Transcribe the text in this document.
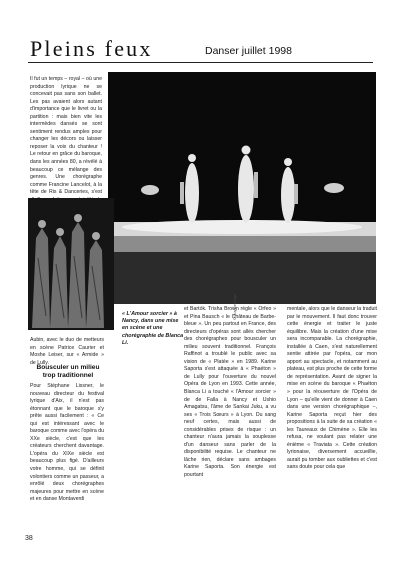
Pleins feux	Danser juillet 1998

Il fut un temps – royal – où une production lyrique ne se concevait pas sans son ballet. Les pas avaient alors autant d'importance que le livret ou la partition : mais bien vite les intermèdes dansés se sont sentiment rendus amples pour changer les décors ou laisser reposer la voix du chanteur ! Le retour en grâce du baroque, dans les années 80, a révélé à beaucoup ce mélange des genres. Une chorégraphe comme Francine Lancelot, à la tête de Ris & Danceries, s'est

© Guy Delahaye

Aubin, avec le duo de metteurs en scène Patrice Caurier et Moshe Leiser, sur « Armide » de Lully.

« L'Amour sorcier » à Nancy, dans une mise en scène et une chorégraphie de Blanca Li.
Bousculer un milieu trop traditionnel

Pour Stéphane Lissner, le nouveau directeur du festival lyrique d'Aix, il n'est pas étonnant que le baroque s'y prête aussi facilement : « Ce qui est intéressant avec le baroque comme avec l'opéra du XXe siècle, c'est que les créateurs cherchent davantage. L'opéra du XIXe siècle est beaucoup plus figé. D'ailleurs votre homme, qui se définit volontiers comme un passeur, a enrôlé deux chorégraphes majeures pour mettre en scène et en danse Montaverdi

et Bartók. Trisha Brown règle « Orfeo » et Pina Bausch « le Château de Barbe-bleue ». Un peu partout en France, des directeurs d'opéras sont allés chercher des chorégraphes pour bousculer un milieu souvent traditionnel. François Raffinot a troublé le public avec sa vision de « Platée » en 1989. Karine Saporta s'est attaquée à « Phaéton » de Lully pour l'ouverture du nouvel Opéra de Lyon en 1993. Cette année, Blanca Li a touché « l'Amour sorcier » de de Falla à Nancy et Ushio Amagatsu, l'âme de Sankai Juku, a vu ses « Trois Sœurs » à Lyon. Du sang neuf certes, mais aussi de considérables prises de risque : un chanteur n'aura jamais la souplesse d'un danseur sans parler de la disponibilité requise. Le chanteur ne lâche rien, déclare sans ambages Karine Saporta. Son énergie est pourtant

mentale, alors que le danseur la traduit par le mouvement. Il faut donc trouver cette énergie et traiter le juste équilibre. Mais la création d'une mise sera incomparable. La chorégraphie, installée à Caen, s'est naturellement sentie attirée par l'opéra, car mon apport au spectacle, et notamment au plateau, est plus proche de cette forme de représentation. Avant de signer la mise en scène du baroque « Phaéton » pour la réouverture de l'Opéra de Lyon – qu'elle vient de donner à Caen dans une version chorégraphique –, Karine Saporta reçut hier des propositions à la suite de sa création « les Taureaux de Chimène ». Elle les refusa, ne voulant pas relater une énième « Traviata ». Cette création lyrionaise, diversement accueillie, aurait pu tomber aux oubliettes et c'est sans doute pour cela que

38
